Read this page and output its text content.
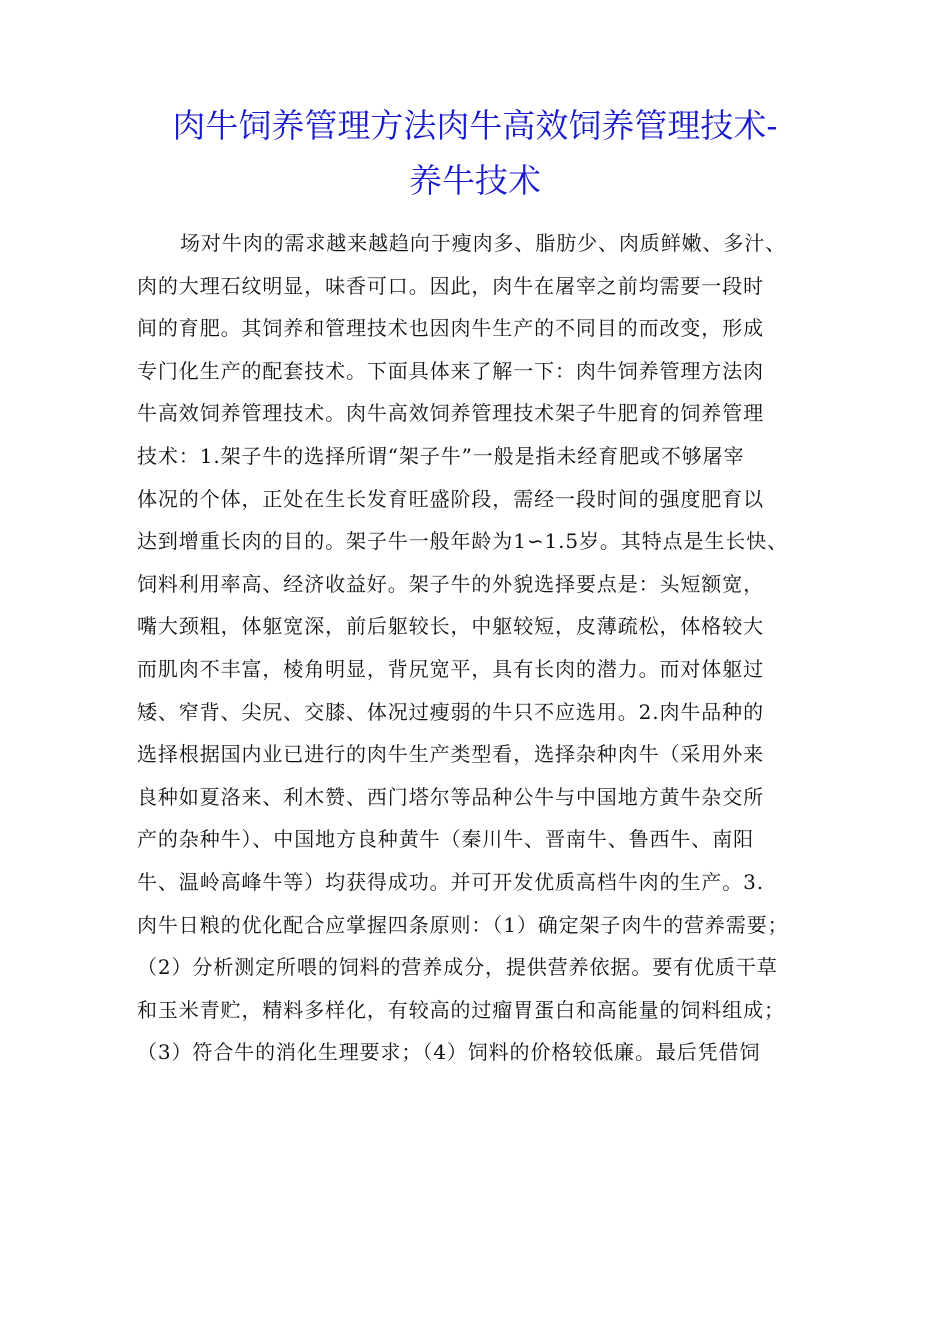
肉牛饲养管理方法肉牛高效饲养管理技术-
养牛技术
场对牛肉的需求越来越趋向于瘦肉多、脂肪少、肉质鲜嫩、多汁、
肉的大理石纹明显，味香可口。因此，肉牛在屠宰之前均需要一段时
间的育肥。其饲养和管理技术也因肉牛生产的不同目的而改变，形成
专门化生产的配套技术。下面具体来了解一下：肉牛饲养管理方法肉
牛高效饲养管理技术。肉牛高效饲养管理技术架子牛肥育的饲养管理
技术：1.架子牛的选择所谓“架子牛”一般是指未经育肥或不够屠宰
体况的个体，正处在生长发育旺盛阶段，需经一段时间的强度肥育以
达到增重长肉的目的。架子牛一般年龄为1∽1.5岁。其特点是生长快、
饲料利用率高、经济收益好。架子牛的外貌选择要点是：头短额宽，
嘴大颈粗，体躯宽深，前后躯较长，中躯较短，皮薄疏松，体格较大
而肌肉不丰富，棱角明显，背尻宽平，具有长肉的潜力。而对体躯过
矮、窄背、尖尻、交膝、体况过瘦弱的牛只不应选用。2.肉牛品种的
选择根据国内业已进行的肉牛生产类型看，选择杂种肉牛（采用外来
良种如夏洛来、利木赞、西门塔尔等品种公牛与中国地方黄牛杂交所
产的杂种牛）、中国地方良种黄牛（秦川牛、晋南牛、鲁西牛、南阳
牛、温岭高峰牛等）均获得成功。并可开发优质高档牛肉的生产。3.
肉牛日粮的优化配合应掌握四条原则：（1）确定架子肉牛的营养需要；
（2）分析测定所喂的饲料的营养成分，提供营养依据。要有优质干草
和玉米青贮，精料多样化，有较高的过瘤胃蛋白和高能量的饲料组成；
（3）符合牛的消化生理要求；（4）饲料的价格较低廉。最后凭借饲
